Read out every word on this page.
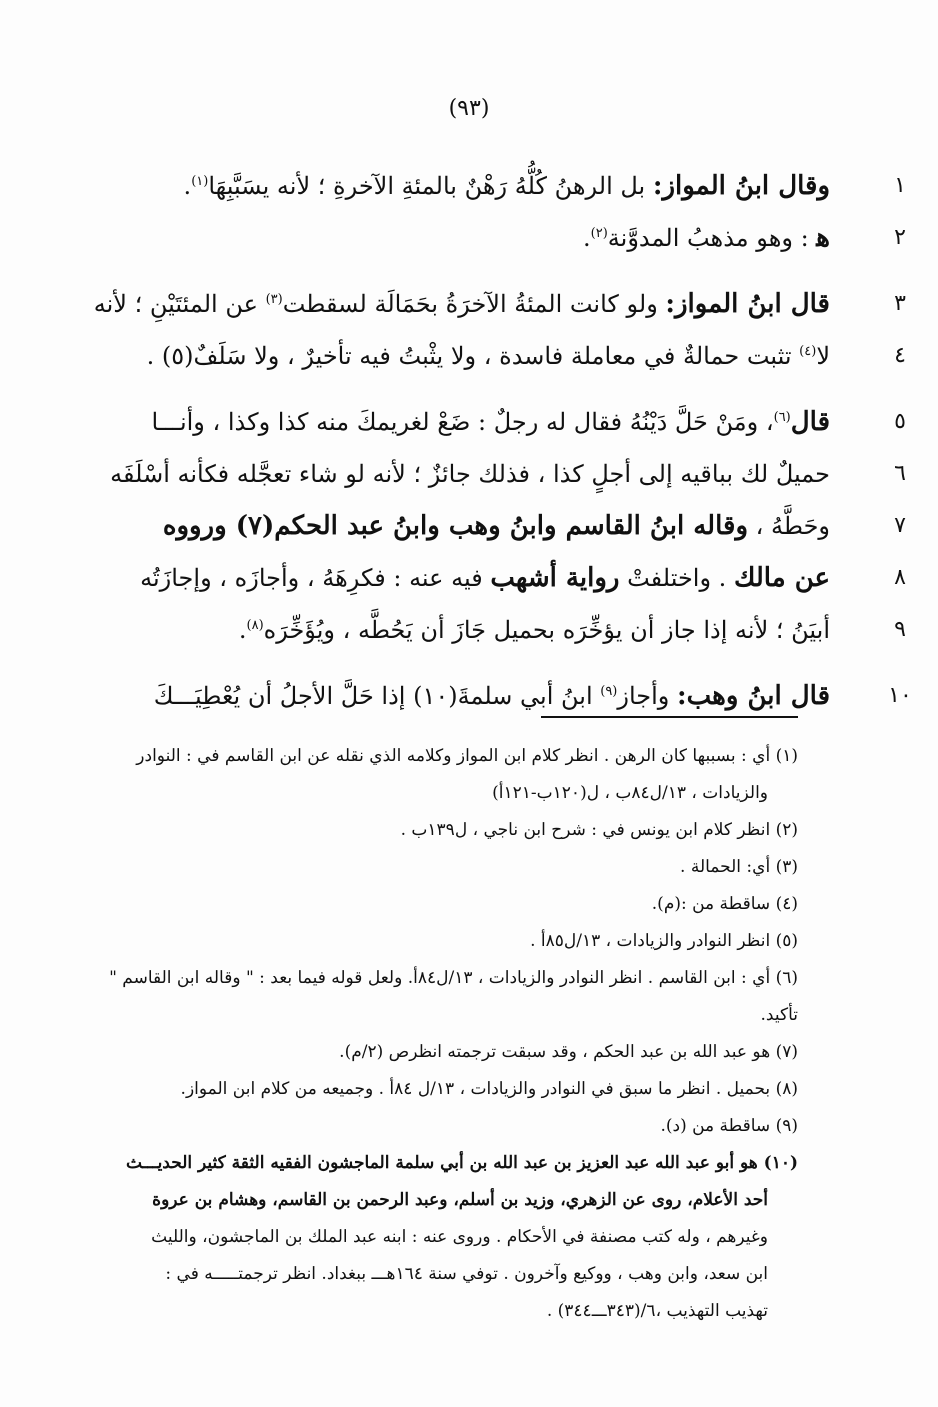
(٩٣)
١
وقال ابنُ المواز: بل الرهنُ كُلُّهُ رَهْنٌ بالمئةِ الآخرةِ ؛ لأنه يسَبَّبِهَا$^{(١)}$.
٢
ﻫ : وهو مذهبُ المدوَّنة$^{(٢)}$.
٣
قال ابنُ المواز: ولو كانت المئةُ الآخرَةُ بحَمَالَة لسقطت$^{(٣)}$ عن المئتَيْنِ ؛ لأنه
٤
لا$^{(٤)}$ تثبت حمالةٌ في معاملة فاسدة ، ولا يثْبتُ فيه تأخيرٌ ، ولا سَلَفٌ(٥) .
٥
قال$^{(٦)}$، ومَنْ حَلَّ دَيْنُهُ فقال له رجلٌ : ضَعْ لغريمكَ منه كذا وكذا ، وأنـــا
٦
حميلٌ لك بباقيه إلى أجلٍ كذا ، فذلك جائزٌ ؛ لأنه لو شاء تعجَّله فكأنه أسْلَفَه
٧
وحَطَّهُ ، وقاله ابنُ القاسم وابنُ وهب وابنُ عبد الحكم(٧) ورووه
٨
عن مالك . واختلفتْ رواية أشهب فيه عنه : فكرِهَهُ ، وأجازَه ، وإجازَتُه
٩
أبيَنُ ؛ لأنه إذا جاز أن يؤخِّرَه بحميل جَازَ أن يَحُطَّه ، ويُؤَخِّرَه$^{(٨)}$.
١٠
قال ابنُ وهب: وأجاز$^{(٩)}$ ابنُ أبي سلمةَ(١٠) إذا حَلَّ الأجلُ أن يُعْطِيَـــكَ
(١) أي : بسببها كان الرهن . انظر كلام ابن المواز وكلامه الذي نقله عن ابن القاسم في : النوادر
والزيادات ، ١٣/ل٨٤ب ، ل(١٢٠ب-١٢١أ)
(٢) انظر كلام ابن يونس في : شرح ابن ناجي ، ل١٣٩ب .
(٣) أي: الحمالة .
(٤) ساقطة من :(م).
(٥) انظر النوادر والزيادات ، ١٣/ل٨٥أ .
(٦) أي : ابن القاسم . انظر النوادر والزيادات ، ١٣/ل٨٤أ. ولعل قوله فيما بعد : " وقاله ابن القاسم " تأكيد.
(٧) هو عبد الله بن عبد الحكم ، وقد سبقت ترجمته انظرص (٢/م).
(٨) بحميل . انظر ما سبق في النوادر والزيادات ، ١٣/ل ٨٤أ . وجميعه من كلام ابن المواز.
(٩) ساقطة من (د).
(١٠) هو أبو عبد الله عبد العزيز بن عبد الله بن أبي سلمة الماجشون الفقيه الثقة كثير الحديـــث
أحد الأعلام، روى عن الزهري، وزيد بن أسلم، وعبد الرحمن بن القاسم، وهشام بن عروة
وغيرهم ، وله كتب مصنفة في الأحكام . وروى عنه : ابنه عبد الملك بن الماجشون، والليث
ابن سعد، وابن وهب ، ووكيع وآخرون . توفي سنة ١٦٤هـــ ببغداد. انظر ترجمتـــــه في :
تهذيب التهذيب ،٦/(٣٤٣ـــ٣٤٤) .
